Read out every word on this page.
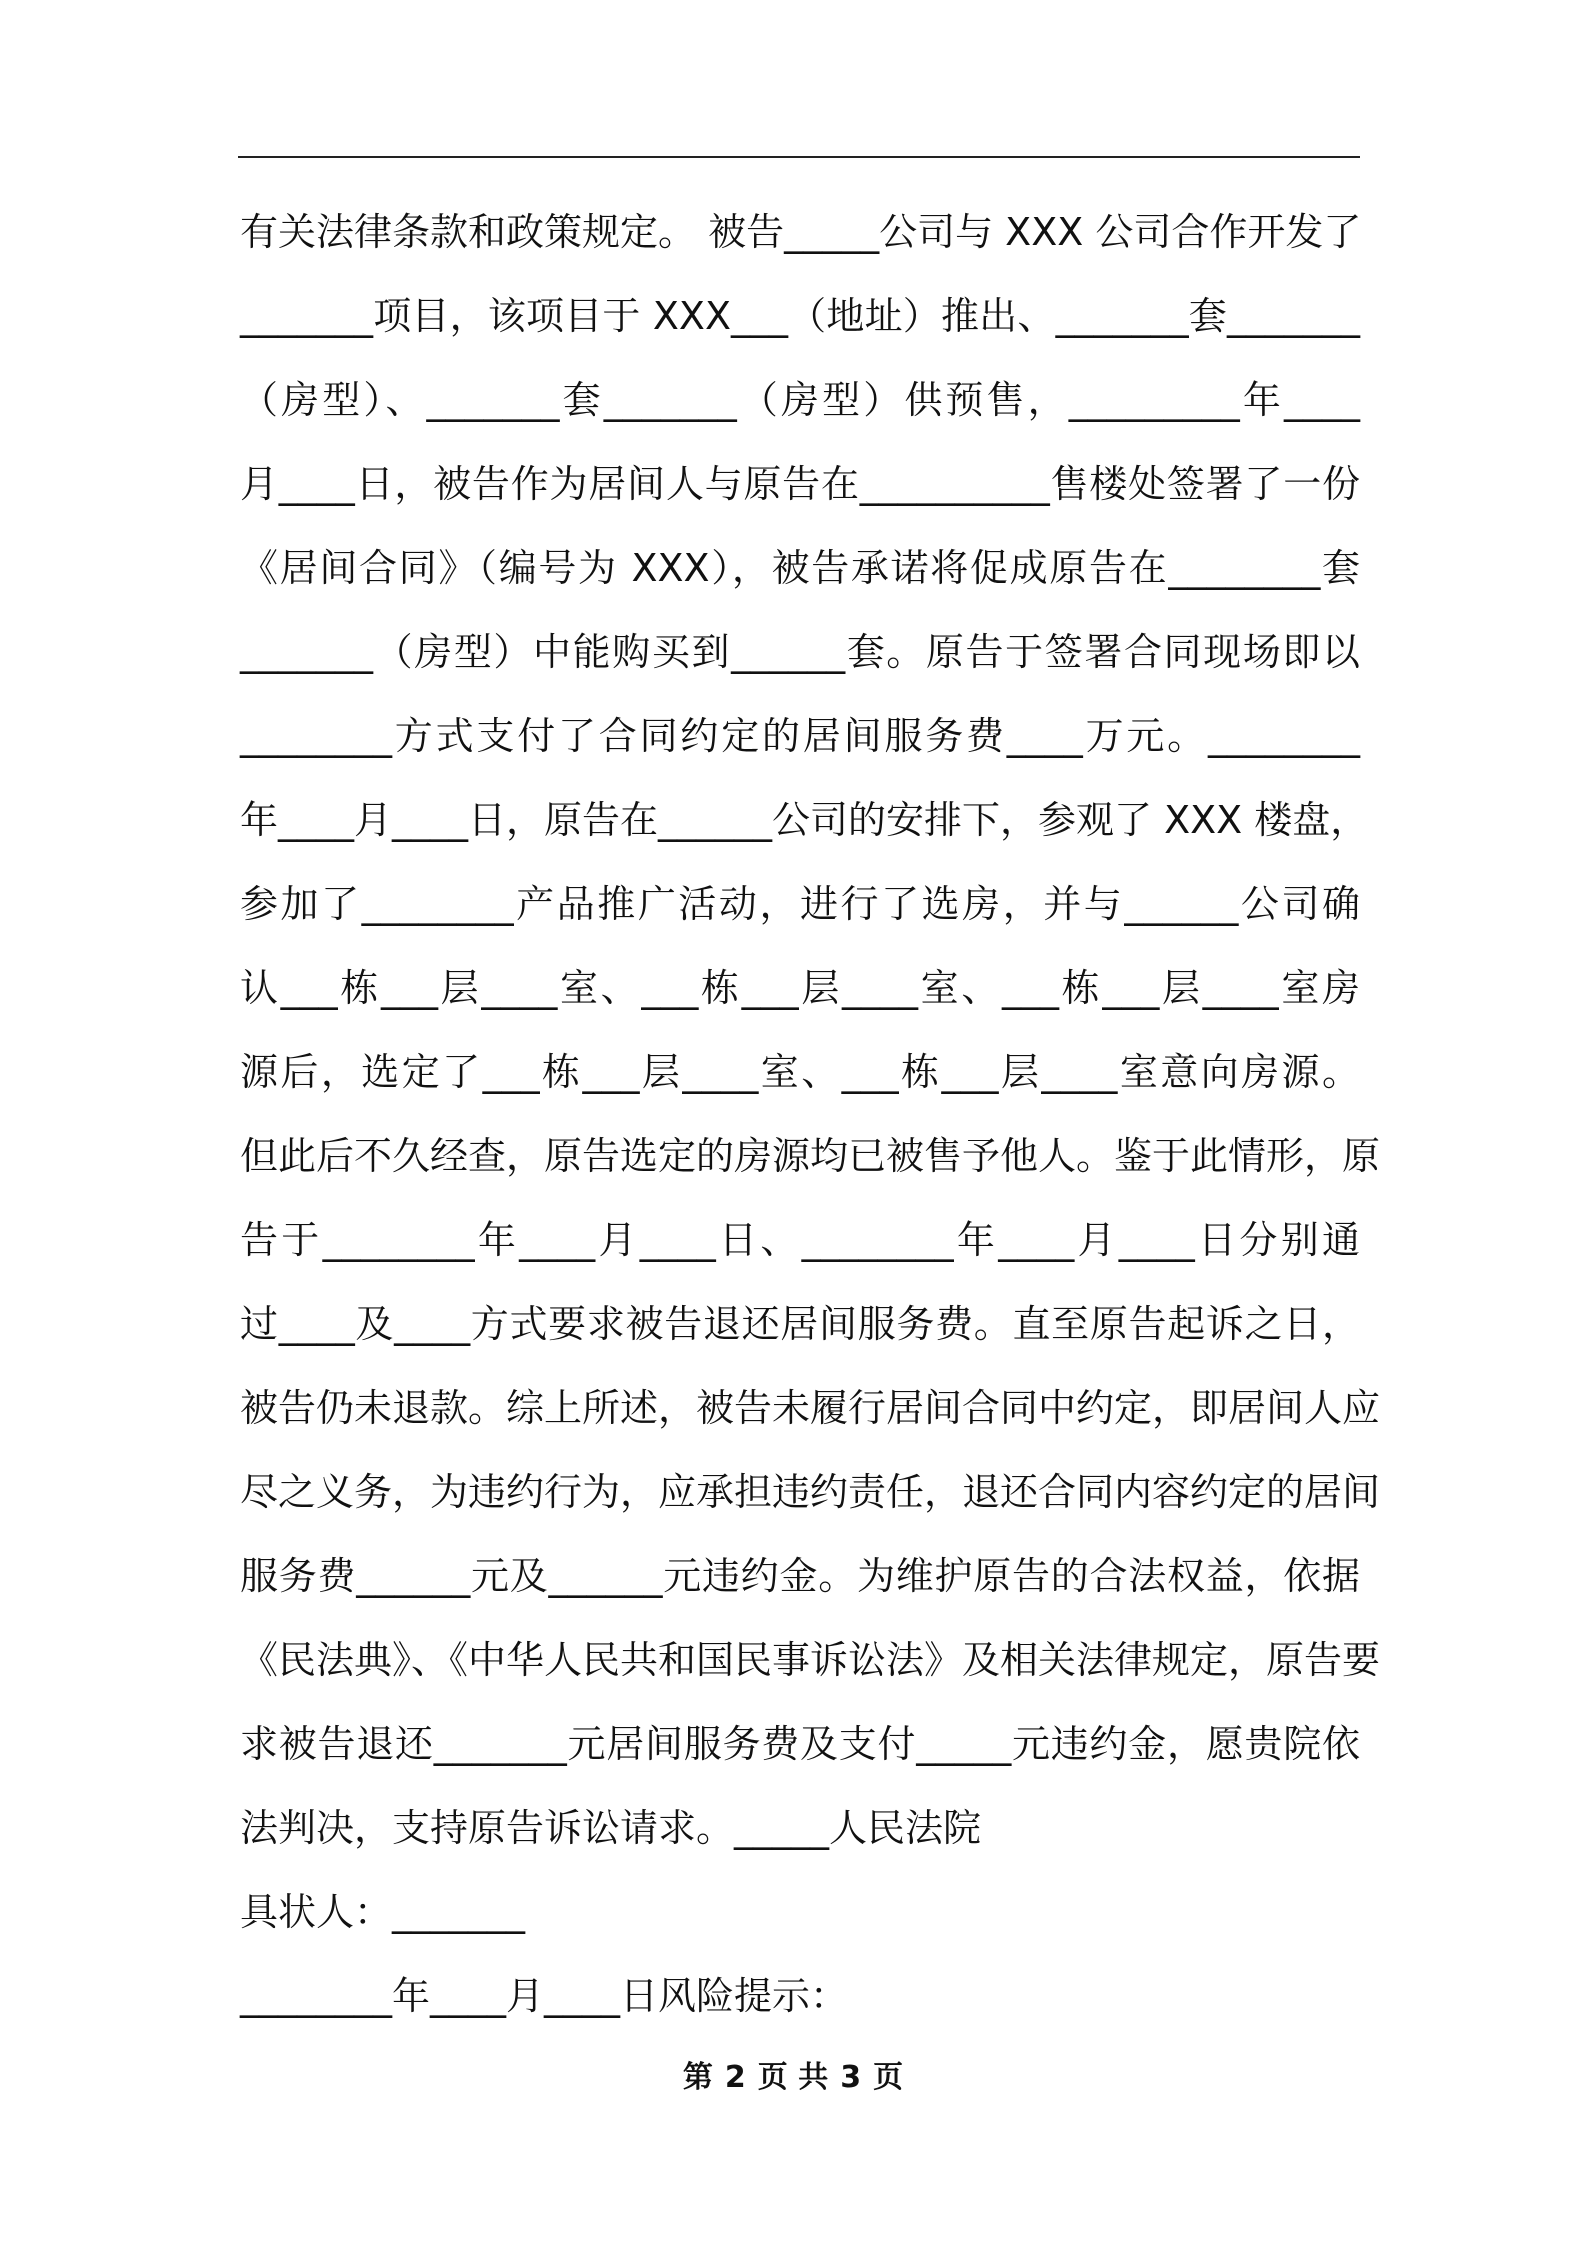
有关法律条款和政策规定。 被告_____公司与 XXX 公司合作开发了
_______项目，该项目于 XXX___（地址）推出、_______套_______
（房型）、_______套_______（房型）供预售，_________年____
月____日，被告作为居间人与原告在__________售楼处签署了一份
《居间合同》（编号为 XXX），被告承诺将促成原告在________套
_______（房型）中能购买到______套。原告于签署合同现场即以
________方式支付了合同约定的居间服务费____万元。________
年____月____日，原告在______公司的安排下，参观了 XXX 楼盘，
参加了________产品推广活动，进行了选房，并与______公司确
认___栋___层____室、___栋___层____室、___栋___层____室房
源后，选定了___栋___层____室、___栋___层____室意向房源。
但此后不久经查，原告选定的房源均已被售予他人。鉴于此情形，原
告于________年____月____日、________年____月____日分别通
过____及____方式要求被告退还居间服务费。直至原告起诉之日，
被告仍未退款。综上所述，被告未履行居间合同中约定，即居间人应
尽之义务，为违约行为，应承担违约责任，退还合同内容约定的居间
服务费______元及______元违约金。为维护原告的合法权益，依据
《民法典》、《中华人民共和国民事诉讼法》及相关法律规定，原告要
求被告退还_______元居间服务费及支付_____元违约金，愿贵院依
法判决，支持原告诉讼请求。_____人民法院
具状人：_______
________年____月____日风险提示：
第 2 页 共 3 页
